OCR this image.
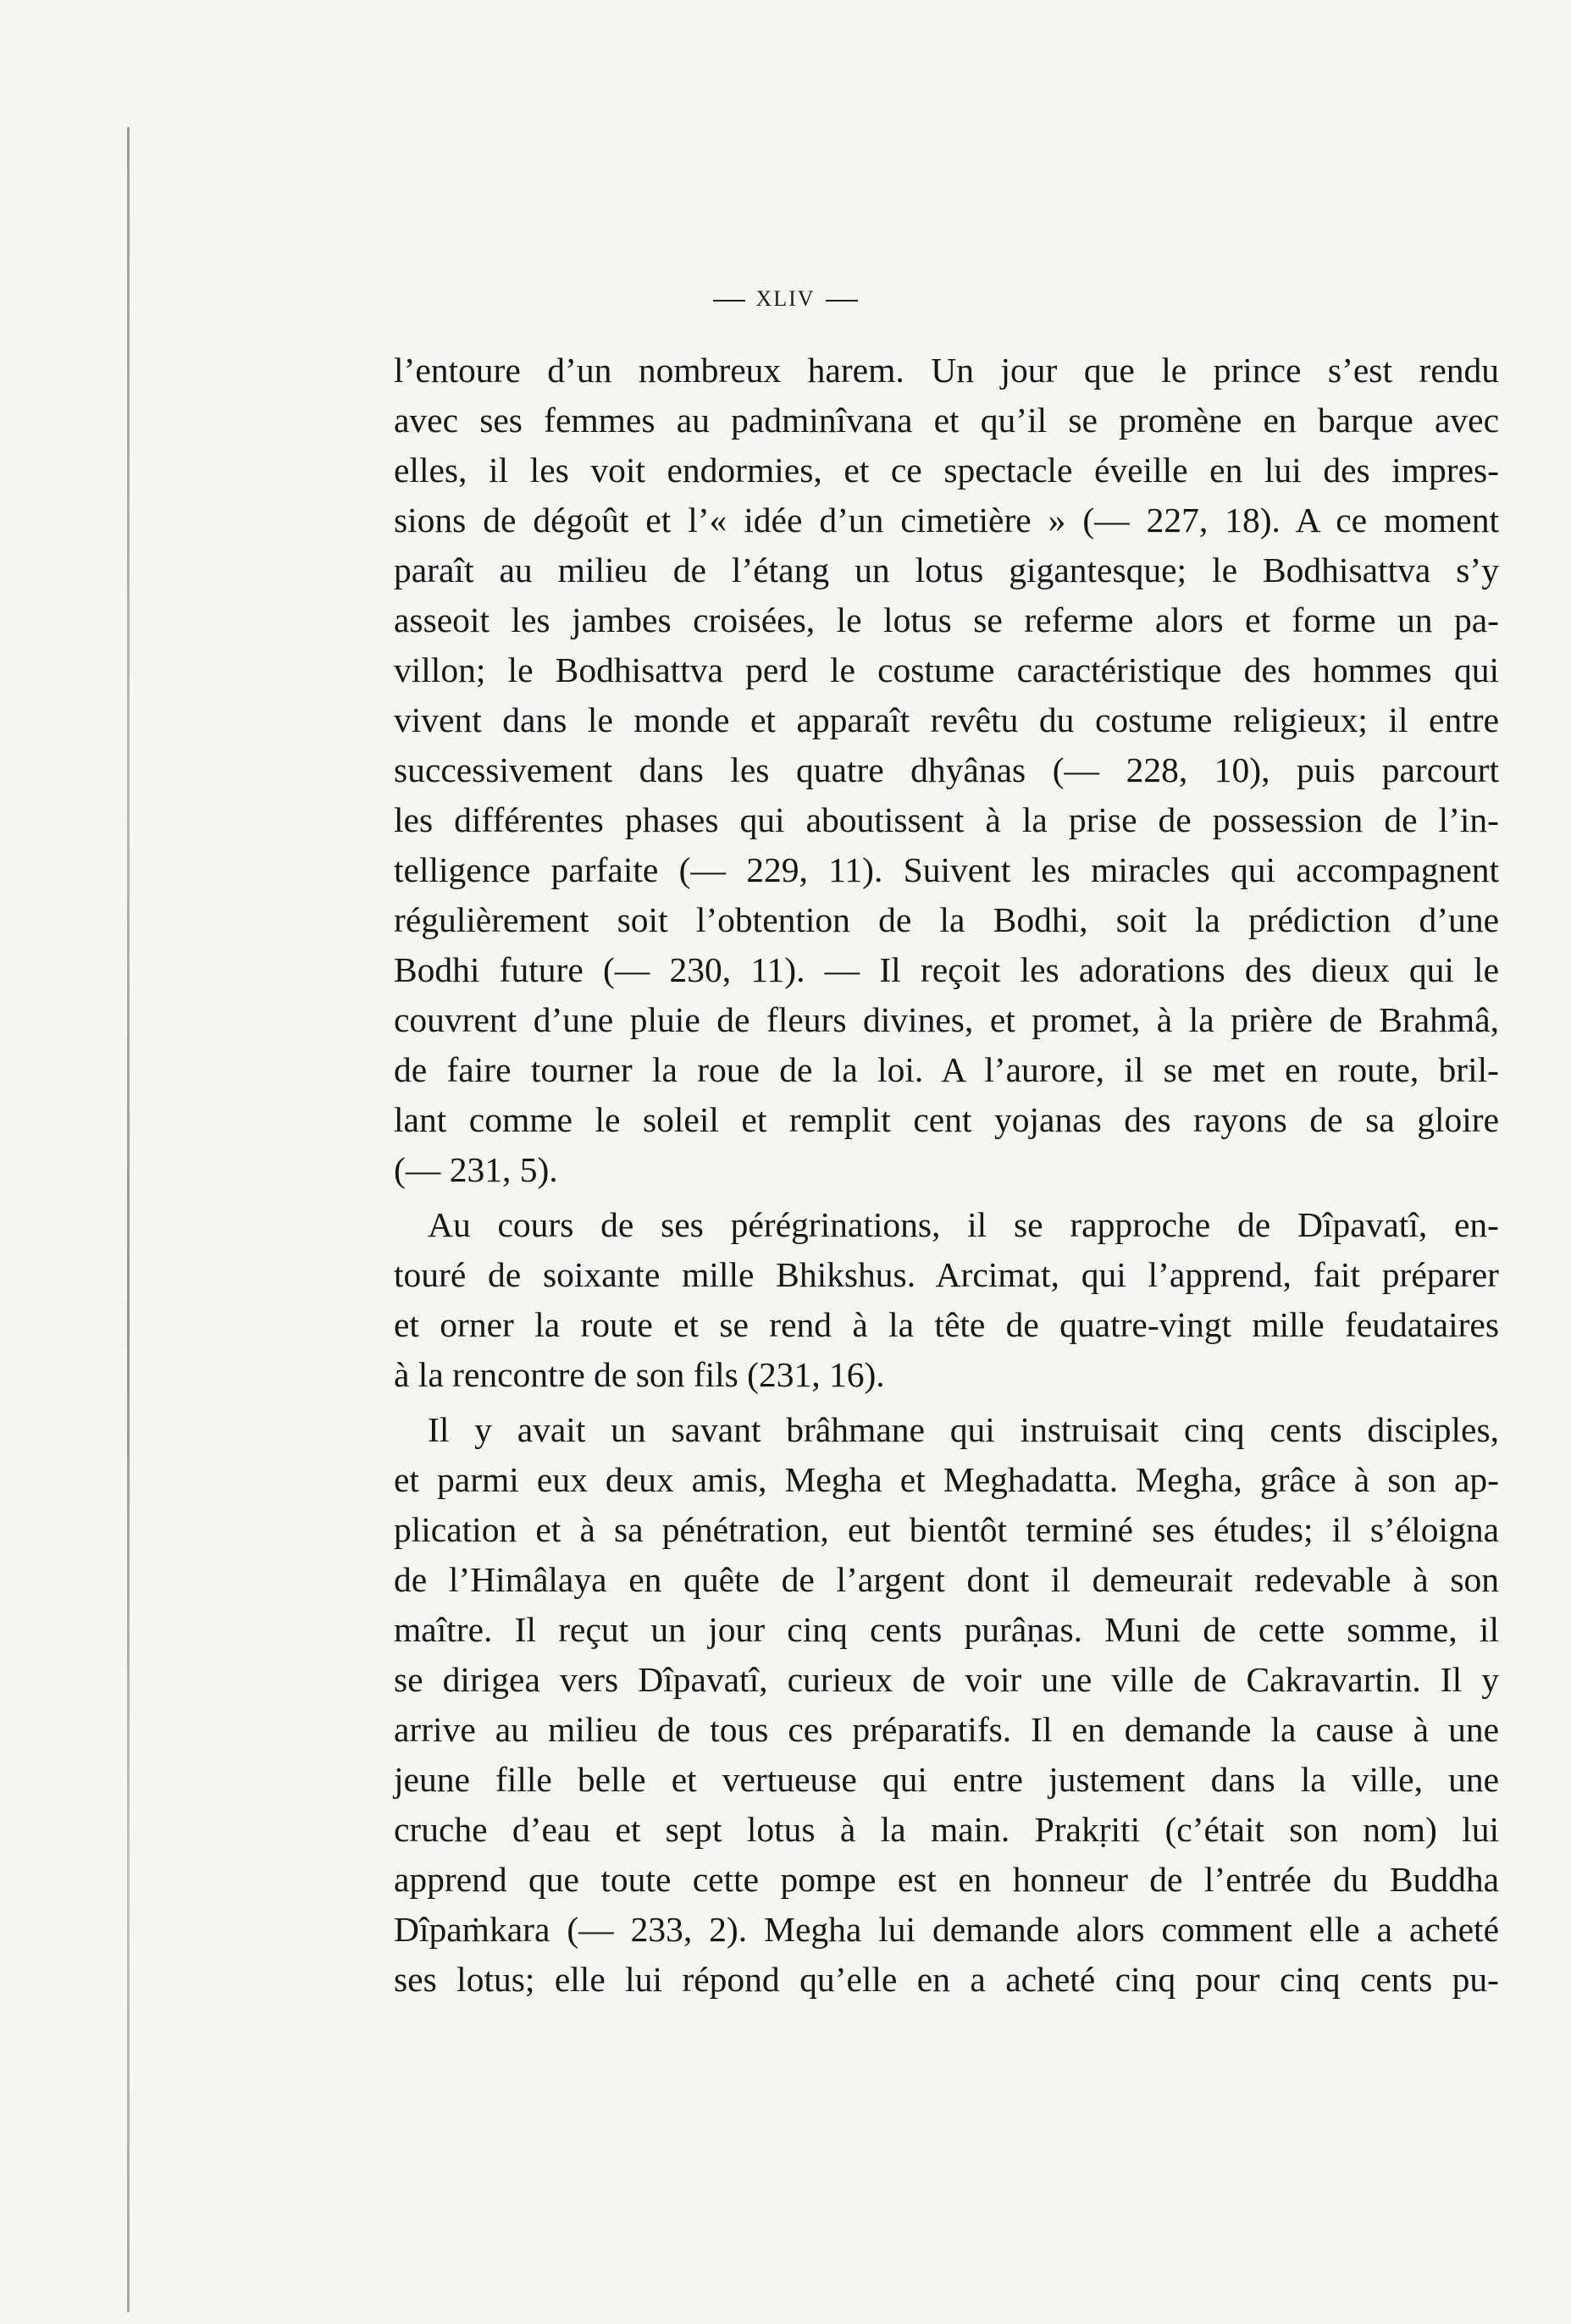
XLIV
l’entoure d’un nombreux harem. Un jour que le prince s’est rendu
avec ses femmes au padminîvana et qu’il se promène en barque avec
elles, il les voit endormies, et ce spectacle éveille en lui des impres-
sions de dégoût et l’« idée d’un cimetière » (— 227, 18). A ce moment
paraît au milieu de l’étang un lotus gigantesque; le Bodhisattva s’y
asseoit les jambes croisées, le lotus se referme alors et forme un pa-
villon; le Bodhisattva perd le costume caractéristique des hommes qui
vivent dans le monde et apparaît revêtu du costume religieux; il entre
successivement dans les quatre dhyânas (— 228, 10), puis parcourt
les différentes phases qui aboutissent à la prise de possession de l’in-
telligence parfaite (— 229, 11). Suivent les miracles qui accompagnent
régulièrement soit l’obtention de la Bodhi, soit la prédiction d’une
Bodhi future (— 230, 11). — Il reçoit les adorations des dieux qui le
couvrent d’une pluie de fleurs divines, et promet, à la prière de Brahmâ,
de faire tourner la roue de la loi. A l’aurore, il se met en route, bril-
lant comme le soleil et remplit cent yojanas des rayons de sa gloire
(— 231, 5).
Au cours de ses pérégrinations, il se rapproche de Dîpavatî, en-
touré de soixante mille Bhikshus. Arcimat, qui l’apprend, fait préparer
et orner la route et se rend à la tête de quatre-vingt mille feudataires
à la rencontre de son fils (231, 16).
Il y avait un savant brâhmane qui instruisait cinq cents disciples,
et parmi eux deux amis, Megha et Meghadatta. Megha, grâce à son ap-
plication et à sa pénétration, eut bientôt terminé ses études; il s’éloigna
de l’Himâlaya en quête de l’argent dont il demeurait redevable à son
maître. Il reçut un jour cinq cents purâṇas. Muni de cette somme, il
se dirigea vers Dîpavatî, curieux de voir une ville de Cakravartin. Il y
arrive au milieu de tous ces préparatifs. Il en demande la cause à une
jeune fille belle et vertueuse qui entre justement dans la ville, une
cruche d’eau et sept lotus à la main. Prakṛiti (c’était son nom) lui
apprend que toute cette pompe est en honneur de l’entrée du Buddha
Dîpaṁkara (— 233, 2). Megha lui demande alors comment elle a acheté
ses lotus; elle lui répond qu’elle en a acheté cinq pour cinq cents pu-
